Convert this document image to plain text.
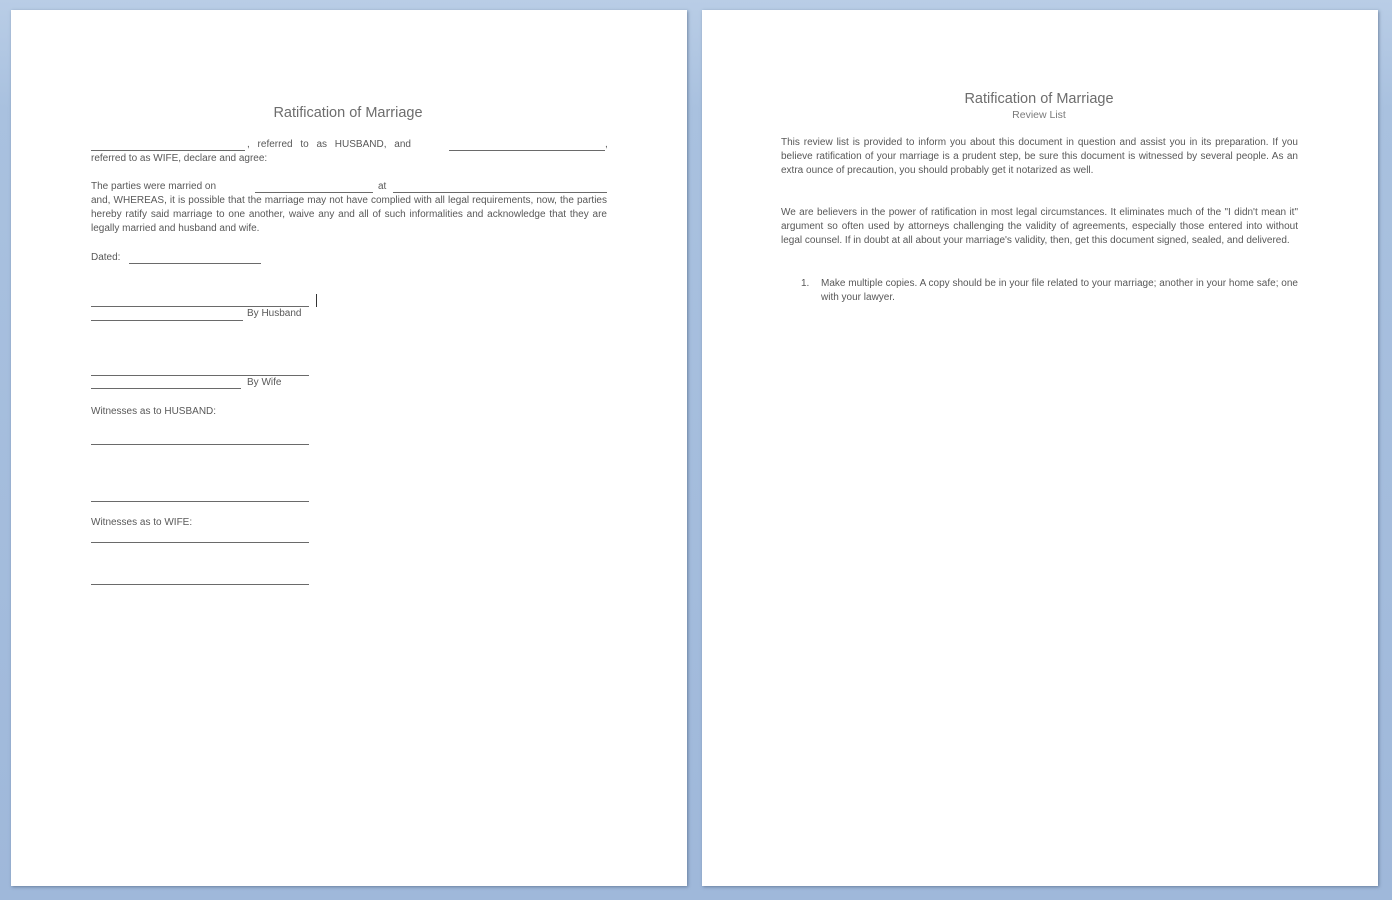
Ratification of Marriage
, referred to as HUSBAND, and	,
referred to as WIFE, declare and agree:
The parties were married on	at
and, WHEREAS, it is possible that the marriage may not have complied with all legal requirements, now, the parties hereby ratify said marriage to one another, waive any and all of such informalities and acknowledge that they are legally married and husband and wife.
Dated:
By Husband
By Wife
Witnesses as to HUSBAND:
Witnesses as to WIFE:
Ratification of Marriage
Review List
This review list is provided to inform you about this document in question and assist you in its preparation. If you believe ratification of your marriage is a prudent step, be sure this document is witnessed by several people. As an extra ounce of precaution, you should probably get it notarized as well.
We are believers in the power of ratification in most legal circumstances. It eliminates much of the "I didn't mean it" argument so often used by attorneys challenging the validity of agreements, especially those entered into without legal counsel. If in doubt at all about your marriage's validity, then, get this document signed, sealed, and delivered.
1. Make multiple copies. A copy should be in your file related to your marriage; another in your home safe; one with your lawyer.
